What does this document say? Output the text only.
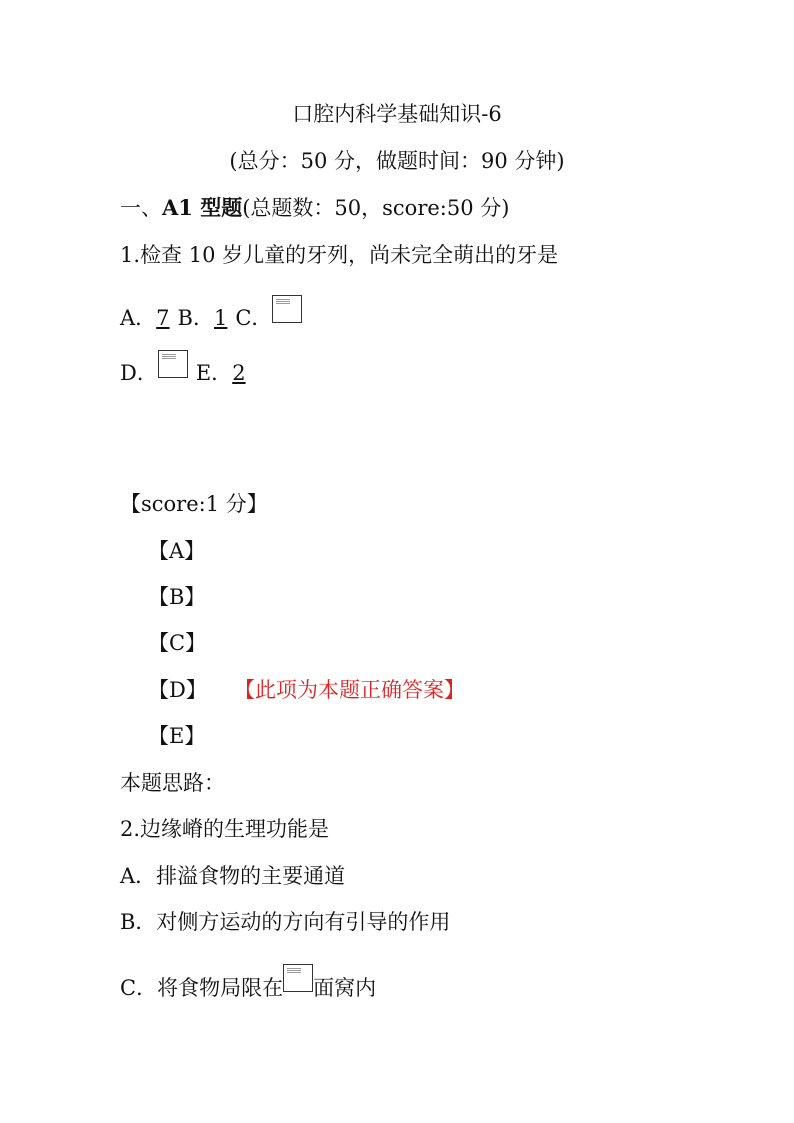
口腔内科学基础知识-6
(总分：50 分，做题时间：90 分钟)
一、A1 型题(总题数：50，score:50 分)
1.检查 10 岁儿童的牙列，尚未完全萌出的牙是
A．7 B．1 C．
D． E．2
【score:1 分】
【A】
【B】
【C】
【D】 【此项为本题正确答案】
【E】
本题思路：
2.边缘嵴的生理功能是
A．排溢食物的主要通道
B．对侧方运动的方向有引导的作用
C．将食物局限在 面窝内
